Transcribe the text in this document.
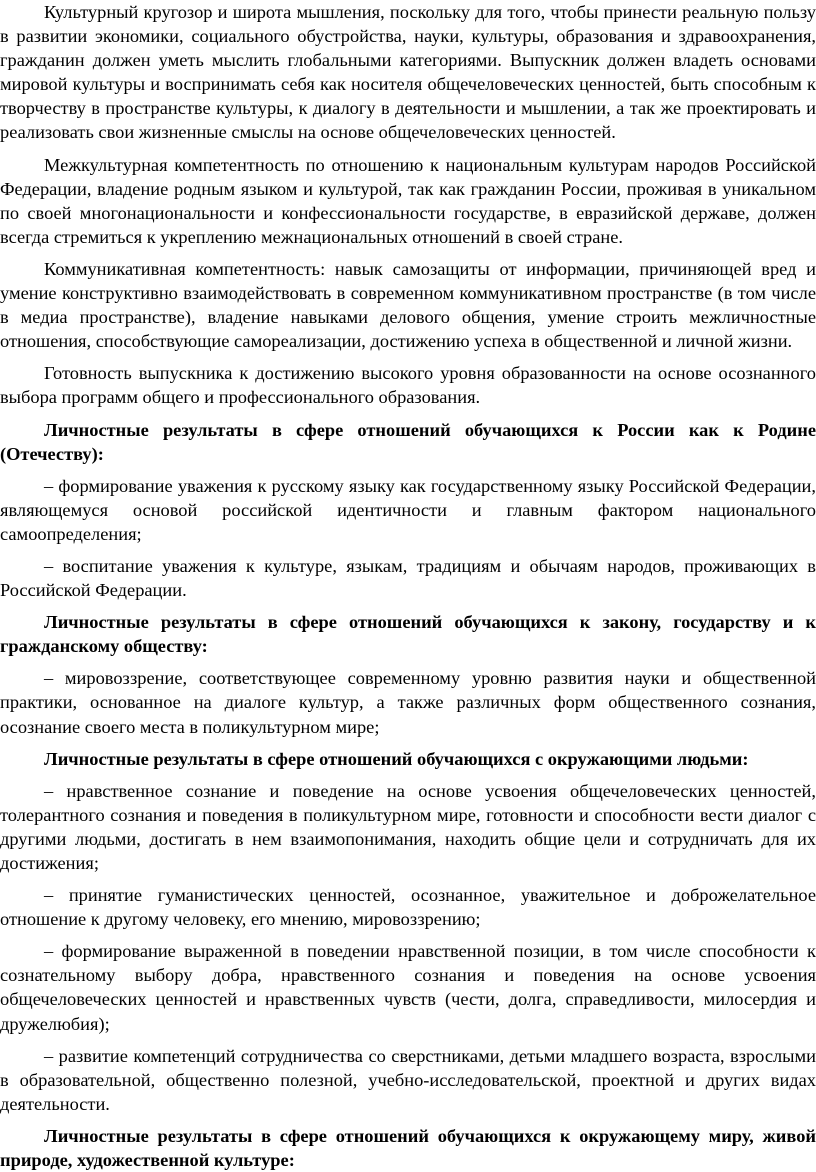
Культурный кругозор и широта мышления, поскольку для того, чтобы принести реальную пользу в развитии экономики, социального обустройства, науки, культуры, образования и здравоохранения, гражданин должен уметь мыслить глобальными категориями. Выпускник должен владеть основами мировой культуры и воспринимать себя как носителя общечеловеческих ценностей, быть способным к творчеству в пространстве культуры, к диалогу в деятельности и мышлении, а так же проектировать и реализовать свои жизненные смыслы на основе общечеловеческих ценностей.

Межкультурная компетентность по отношению к национальным культурам народов Российской Федерации, владение родным языком и культурой, так как гражданин России, проживая в уникальном по своей многонациональности и конфессиональности государстве, в евразийской державе, должен всегда стремиться к укреплению межнациональных отношений в своей стране.

Коммуникативная компетентность: навык самозащиты от информации, причиняющей вред и умение конструктивно взаимодействовать в современном коммуникативном пространстве (в том числе в медиа пространстве), владение навыками делового общения, умение строить межличностные отношения, способствующие самореализации, достижению успеха в общественной и личной жизни.

Готовность выпускника к достижению высокого уровня образованности на основе осознанного выбора программ общего и профессионального образования.

Личностные результаты в сфере отношений обучающихся к России как к Родине (Отечеству):

– формирование уважения к русскому языку как государственному языку Российской Федерации, являющемуся основой российской идентичности и главным фактором национального самоопределения;

– воспитание уважения к культуре, языкам, традициям и обычаям народов, проживающих в Российской Федерации.

Личностные результаты в сфере отношений обучающихся к закону, государству и к гражданскому обществу:

– мировоззрение, соответствующее современному уровню развития науки и общественной практики, основанное на диалоге культур, а также различных форм общественного сознания, осознание своего места в поликультурном мире;

Личностные результаты в сфере отношений обучающихся с окружающими людьми:

– нравственное сознание и поведение на основе усвоения общечеловеческих ценностей, толерантного сознания и поведения в поликультурном мире, готовности и способности вести диалог с другими людьми, достигать в нем взаимопонимания, находить общие цели и сотрудничать для их достижения;

– принятие гуманистических ценностей, осознанное, уважительное и доброжелательное отношение к другому человеку, его мнению, мировоззрению;

– формирование выраженной в поведении нравственной позиции, в том числе способности к сознательному выбору добра, нравственного сознания и поведения на основе усвоения общечеловеческих ценностей и нравственных чувств (чести, долга, справедливости, милосердия и дружелюбия);

– развитие компетенций сотрудничества со сверстниками, детьми младшего возраста, взрослыми в образовательной, общественно полезной, учебно-исследовательской, проектной и других видах деятельности.

Личностные результаты в сфере отношений обучающихся к окружающему миру, живой природе, художественной культуре:
